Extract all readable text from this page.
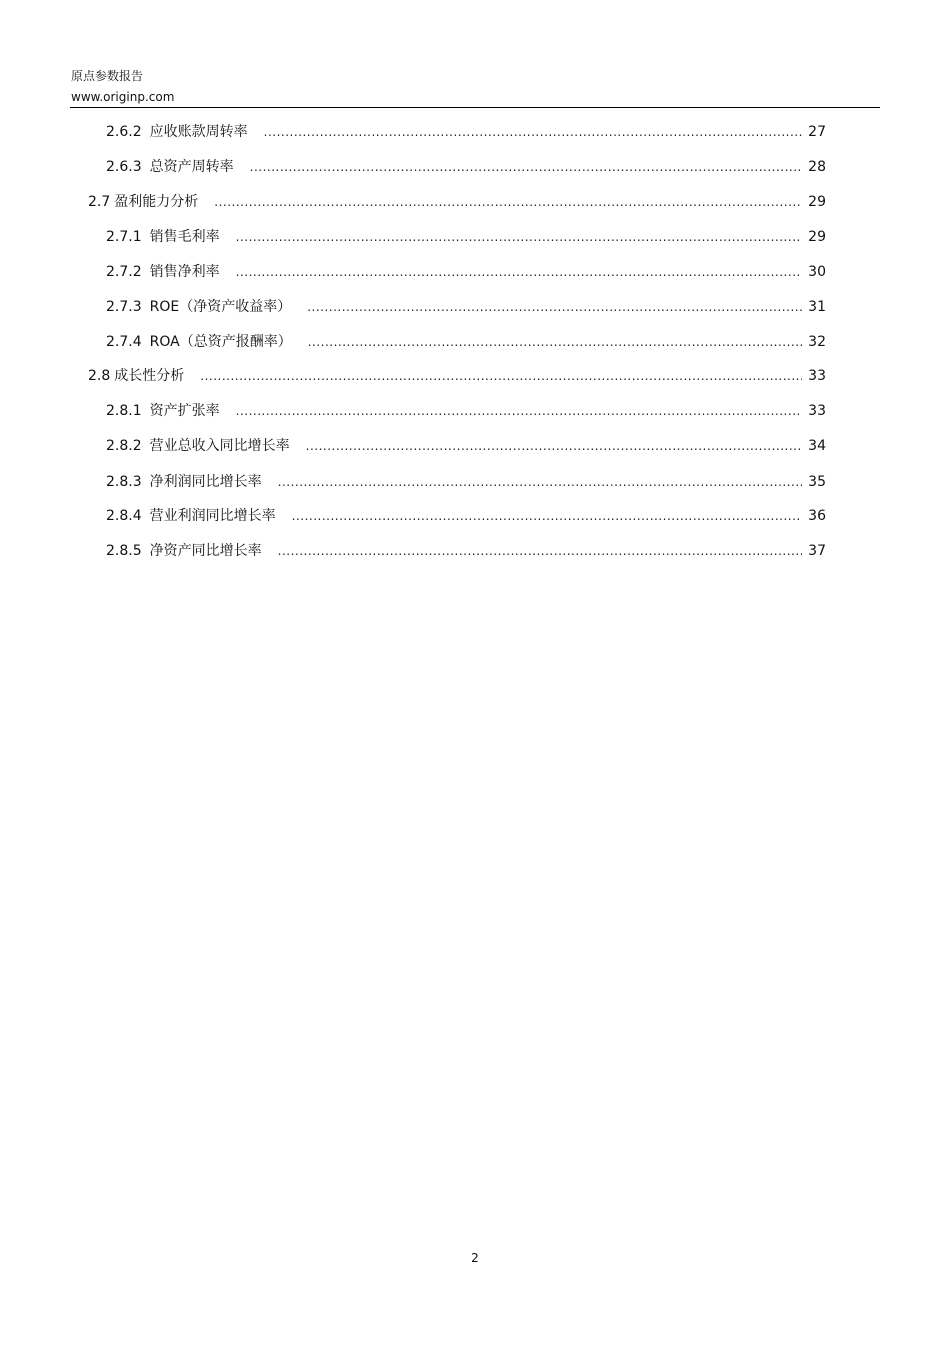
原点参数报告
www.originp.com
2.6.2 应收账款周转率 .....	27
2.6.3 总资产周转率 .....	28
2.7 盈利能力分析 .....	29
2.7.1 销售毛利率 .....	29
2.7.2 销售净利率 .....	30
2.7.3 ROE（净资产收益率） .....	31
2.7.4 ROA（总资产报酬率） .....	32
2.8 成长性分析 .....	33
2.8.1 资产扩张率 .....	33
2.8.2 营业总收入同比增长率 .....	34
2.8.3 净利润同比增长率 .....	35
2.8.4 营业利润同比增长率 .....	36
2.8.5 净资产同比增长率 .....	37
2
